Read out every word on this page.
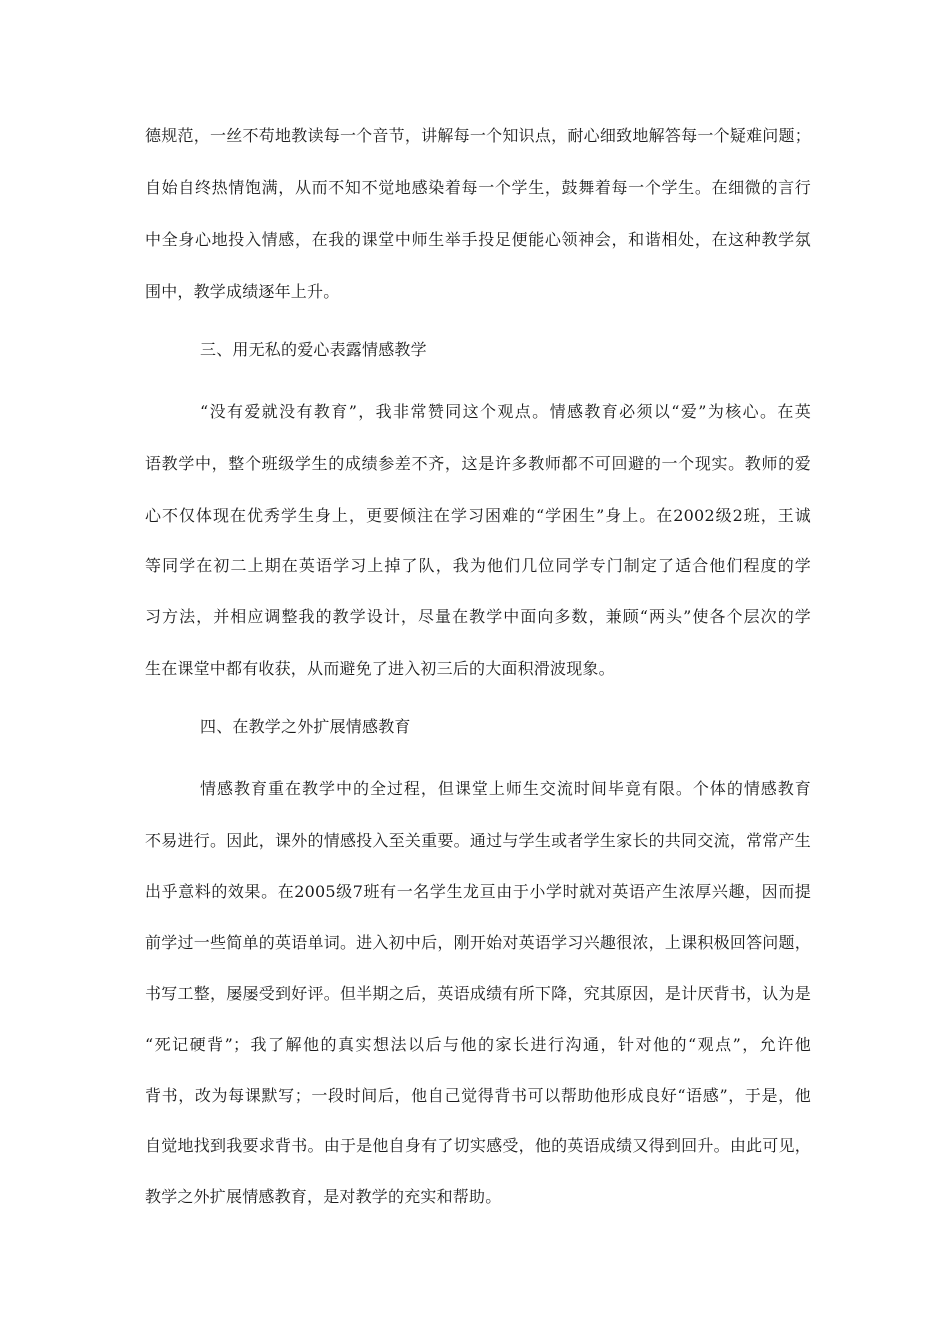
德规范，一丝不苟地教读每一个音节，讲解每一个知识点，耐心细致地解答每一个疑难问题；
自始自终热情饱满，从而不知不觉地感染着每一个学生，鼓舞着每一个学生。在细微的言行
中全身心地投入情感，在我的课堂中师生举手投足便能心领神会，和谐相处，在这种教学氛
围中，教学成绩逐年上升。
三、用无私的爱心表露情感教学
“没有爱就没有教育”，我非常赞同这个观点。情感教育必须以“爱”为核心。在英
语教学中，整个班级学生的成绩参差不齐，这是许多教师都不可回避的一个现实。教师的爱
心不仅体现在优秀学生身上，更要倾注在学习困难的“学困生”身上。在2002级2班，王诚
等同学在初二上期在英语学习上掉了队，我为他们几位同学专门制定了适合他们程度的学
习方法，并相应调整我的教学设计，尽量在教学中面向多数，兼顾“两头”使各个层次的学
生在课堂中都有收获，从而避免了进入初三后的大面积滑波现象。
四、在教学之外扩展情感教育
情感教育重在教学中的全过程，但课堂上师生交流时间毕竟有限。个体的情感教育
不易进行。因此，课外的情感投入至关重要。通过与学生或者学生家长的共同交流，常常产生
出乎意料的效果。在2005级7班有一名学生龙亘由于小学时就对英语产生浓厚兴趣，因而提
前学过一些简单的英语单词。进入初中后，刚开始对英语学习兴趣很浓，上课积极回答问题，
书写工整，屡屡受到好评。但半期之后，英语成绩有所下降，究其原因，是计厌背书，认为是
“死记硬背”；我了解他的真实想法以后与他的家长进行沟通，针对他的“观点”，允许他
背书，改为每课默写；一段时间后，他自己觉得背书可以帮助他形成良好“语感”，于是，他
自觉地找到我要求背书。由于是他自身有了切实感受，他的英语成绩又得到回升。由此可见，
教学之外扩展情感教育，是对教学的充实和帮助。
